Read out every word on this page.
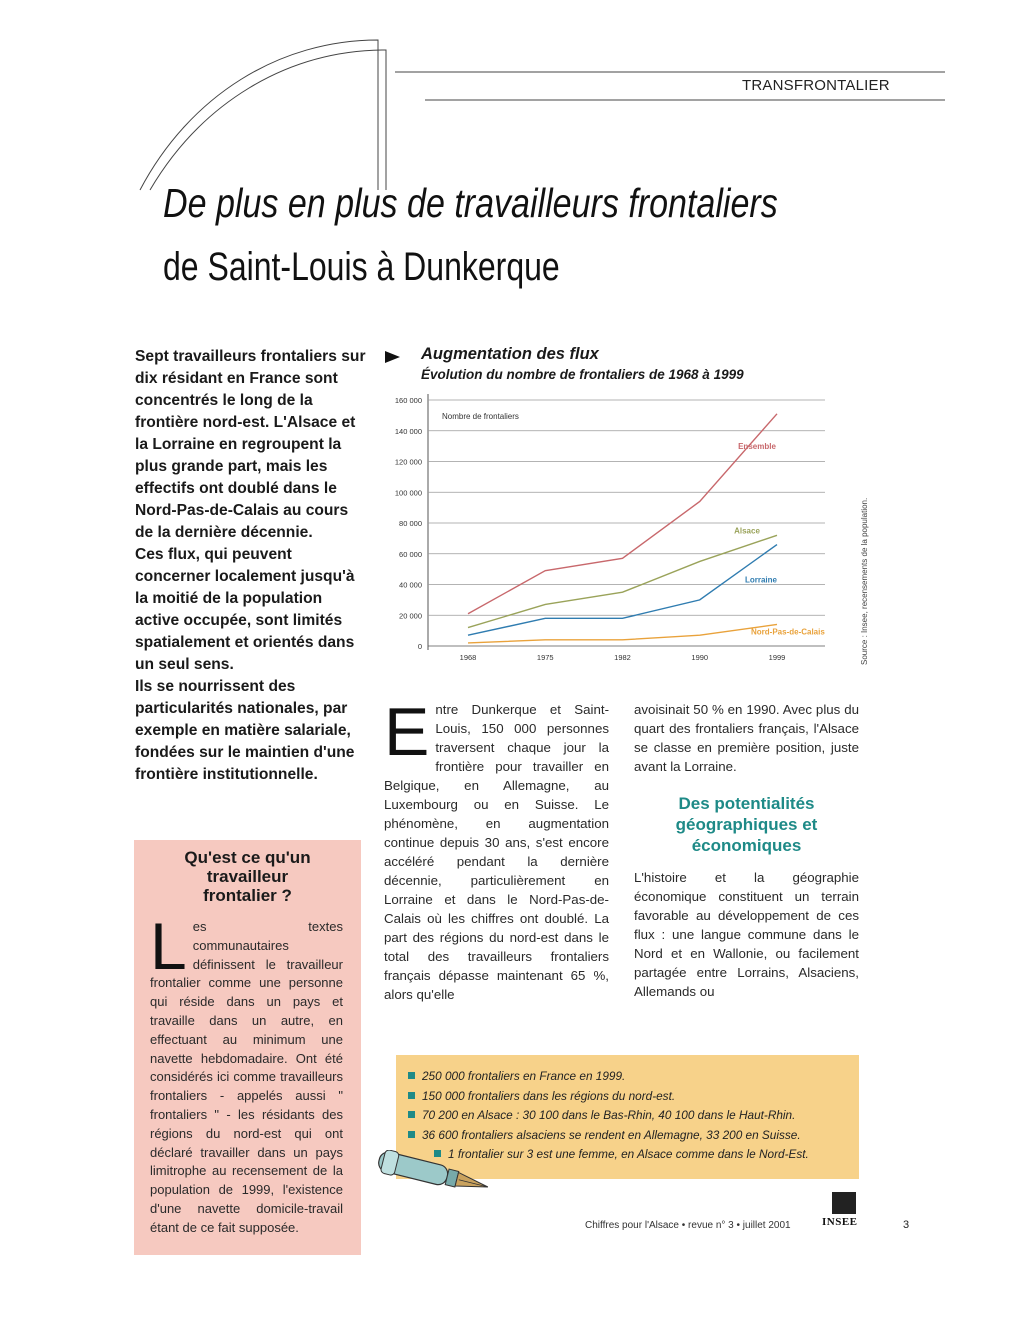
TRANSFRONTALIER
De plus en plus de travailleurs frontaliers
de Saint-Louis à Dunkerque

Sept travailleurs frontaliers sur dix résidant en France sont concentrés le long de la frontière nord-est. L'Alsace et la Lorraine en regroupent la plus grande part, mais les effectifs ont doublé dans le Nord-Pas-de-Calais au cours de la dernière décennie.

Ces flux, qui peuvent concerner localement jusqu'à la moitié de la population active occupée, sont limités spatialement et orientés dans un seul sens.

Ils se nourrissent des particularités nationales, par exemple en matière salariale, fondées sur le maintien d'une frontière institutionnelle.

Augmentation des flux
Évolution du nombre de frontaliers de 1968 à 1999
0
20 000
40 000
60 000
80 000
100 000
120 000
140 000
160 000
1968	1975	1982	1990	1999
Nombre de frontaliers
Ensemble
Alsace
Lorraine
Nord-Pas-de-Calais	Source : Insee, recensements de la population.
E ntre Dunkerque et Saint-Louis, 150 000 personnes traversent chaque jour la frontière pour travailler en Belgique, en Allemagne, au Luxembourg ou en Suisse. Le phénomène, en augmentation continue depuis 30 ans, s'est encore accéléré pendant la dernière décennie, particulièrement en Lorraine et dans le Nord-Pas-de-Calais où les chiffres ont doublé. La part des régions du nord-est dans le total des travailleurs frontaliers français dépasse maintenant 65 %, alors qu'elle
avoisinait 50 % en 1990. Avec plus du quart des frontaliers français, l'Alsace se classe en première position, juste avant la Lorraine.
Des potentialités géographiques et économiques
L'histoire et la géographie économique constituent un terrain favorable au développement de ces flux : une langue commune dans le Nord et en Wallonie, ou facilement partagée entre Lorrains, Alsaciens, Allemands ou
Qu'est ce qu'un travailleur frontalier ?
L es textes communautaires définissent le travailleur frontalier comme une personne qui réside dans un pays et travaille dans un autre, en effectuant au minimum une navette hebdomadaire. Ont été considérés ici comme travailleurs frontaliers - appelés aussi " frontaliers " - les résidants des régions du nord-est qui ont déclaré travailler dans un pays limitrophe au recensement de la population de 1999, l'existence d'une navette domicile-travail étant de ce fait supposée.
250 000 frontaliers en France en 1999.
150 000 frontaliers dans les régions du nord-est.
70 200 en Alsace : 30 100 dans le Bas-Rhin, 40 100 dans le Haut-Rhin.
36 600 frontaliers alsaciens se rendent en Allemagne, 33 200 en Suisse.
1 frontalier sur 3 est une femme, en Alsace comme dans le Nord-Est.
Chiffres pour l'Alsace • revue n° 3 • juillet 2001	INSEE	3
